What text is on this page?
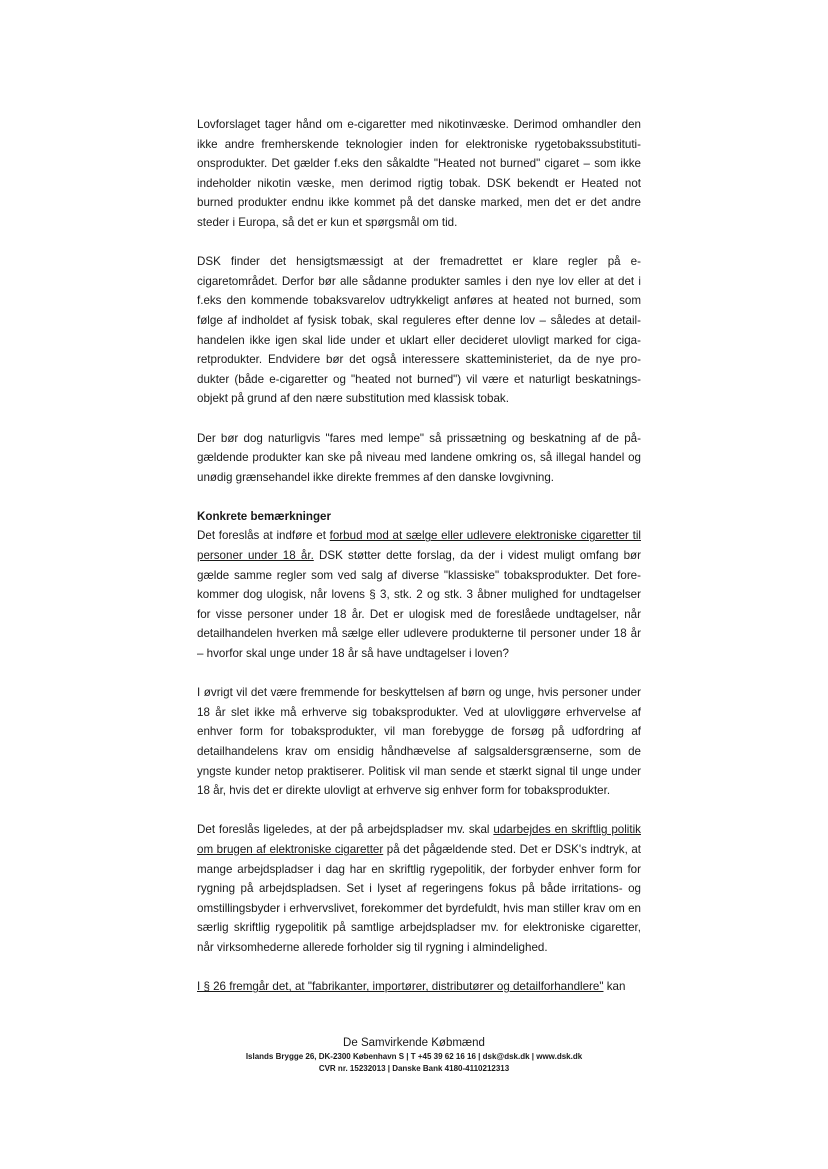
Lovforslaget tager hånd om e-cigaretter med nikotinvæske. Derimod omhandler den ikke andre fremherskende teknologier inden for elektroniske rygetobakssubstitutionsprodukter. Det gælder f.eks den såkaldte "Heated not burned" cigaret – som ikke indeholder nikotin væske, men derimod rigtig tobak. DSK bekendt er Heated not burned produkter endnu ikke kommet på det danske marked, men det er det andre steder i Europa, så det er kun et spørgsmål om tid.

DSK finder det hensigtsmæssigt at der fremadrettet er klare regler på e-cigaretområdet. Derfor bør alle sådanne produkter samles i den nye lov eller at det i f.eks den kommende tobaksvarelov udtrykkeligt anføres at heated not burned, som følge af indholdet af fysisk tobak, skal reguleres efter denne lov – således at detailhandelen ikke igen skal lide under et uklart eller decideret ulovligt marked for cigaretprodukter. Endvidere bør det også interessere skatteministeriet, da de nye produkter (både e-cigaretter og "heated not burned") vil være et naturligt beskatningsobjekt på grund af den nære substitution med klassisk tobak.

Der bør dog naturligvis "fares med lempe" så prissætning og beskatning af de pågældende produkter kan ske på niveau med landene omkring os, så illegal handel og unødig grænsehandel ikke direkte fremmes af den danske lovgivning.

Konkrete bemærkninger

Det foreslås at indføre et forbud mod at sælge eller udlevere elektroniske cigaretter til personer under 18 år. DSK støtter dette forslag, da der i videst muligt omfang bør gælde samme regler som ved salg af diverse "klassiske" tobaksprodukter. Det forekommer dog ulogisk, når lovens § 3, stk. 2 og stk. 3 åbner mulighed for undtagelser for visse personer under 18 år. Det er ulogisk med de foreslåede undtagelser, når detailhandelen hverken må sælge eller udlevere produkterne til personer under 18 år – hvorfor skal unge under 18 år så have undtagelser i loven?

I øvrigt vil det være fremmende for beskyttelsen af børn og unge, hvis personer under 18 år slet ikke må erhverve sig tobaksprodukter. Ved at ulovliggøre erhvervelse af enhver form for tobaksprodukter, vil man forebygge de forsøg på udfordring af detailhandelens krav om ensidig håndhævelse af salgsaldersgrænserne, som de yngste kunder netop praktiserer. Politisk vil man sende et stærkt signal til unge under 18 år, hvis det er direkte ulovligt at erhverve sig enhver form for tobaksprodukter.

Det foreslås ligeledes, at der på arbejdspladser mv. skal udarbejdes en skriftlig politik om brugen af elektroniske cigaretter på det pågældende sted. Det er DSK's indtryk, at mange arbejdspladser i dag har en skriftlig rygepolitik, der forbyder enhver form for rygning på arbejdspladsen. Set i lyset af regeringens fokus på både irritations- og omstillingsbyder i erhvervslivet, forekommer det byrdefuldt, hvis man stiller krav om en særlig skriftlig rygepolitik på samtlige arbejdspladser mv. for elektroniske cigaretter, når virksomhederne allerede forholder sig til rygning i almindelighed.

I § 26 fremgår det, at "fabrikanter, importører, distributører og detailforhandlere" kan

De Samvirkende Købmænd
Islands Brygge 26, DK-2300 København S | T +45 39 62 16 16 | dsk@dsk.dk | www.dsk.dk
CVR nr. 15232013 | Danske Bank 4180-4110212313
